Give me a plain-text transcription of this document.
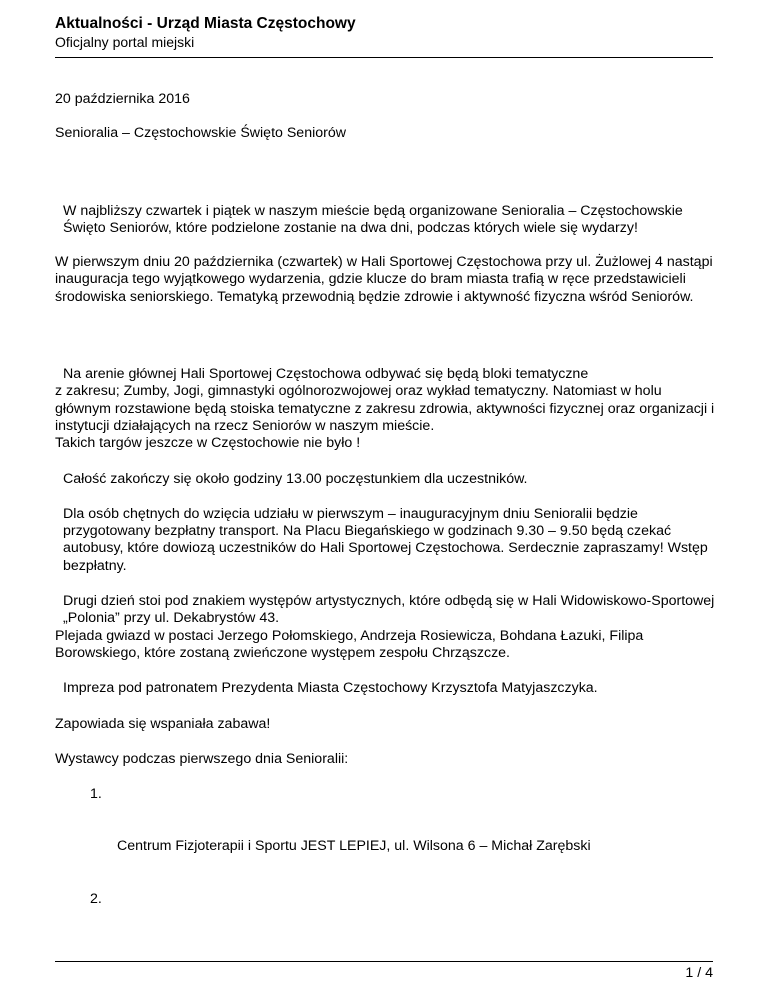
Aktualności - Urząd Miasta Częstochowy
Oficjalny portal miejski

20 października 2016

Senioralia – Częstochowskie Święto Seniorów

W najbliższy czwartek i piątek w naszym mieście będą organizowane Senioralia – Częstochowskie Święto Seniorów, które podzielone zostanie na dwa dni, podczas których wiele się wydarzy!

W pierwszym dniu 20 października (czwartek) w Hali Sportowej Częstochowa przy ul. Żużlowej 4 nastąpi inauguracja tego wyjątkowego wydarzenia, gdzie klucze do bram miasta trafią w ręce przedstawicieli środowiska seniorskiego. Tematyką przewodnią będzie zdrowie i aktywność fizyczna wśród Seniorów.

Na arenie głównej Hali Sportowej Częstochowa odbywać się będą bloki tematyczne

z zakresu; Zumby, Jogi, gimnastyki ogólnorozwojowej oraz wykład tematyczny. Natomiast w holu głównym rozstawione będą stoiska tematyczne z zakresu zdrowia, aktywności fizycznej oraz organizacji i instytucji działających na rzecz Seniorów w naszym mieście.

Takich targów jeszcze w Częstochowie nie było !

Całość zakończy się około godziny 13.00 poczęstunkiem dla uczestników.

Dla osób chętnych do wzięcia udziału w pierwszym – inauguracyjnym dniu Senioralii będzie przygotowany bezpłatny transport. Na Placu Biegańskiego w godzinach 9.30 – 9.50 będą czekać autobusy, które dowiozą uczestników do Hali Sportowej Częstochowa. Serdecznie zapraszamy! Wstęp bezpłatny.

Drugi dzień stoi pod znakiem występów artystycznych, które odbędą się w Hali Widowiskowo-Sportowej „Polonia” przy ul. Dekabrystów 43.

Plejada gwiazd w postaci Jerzego Połomskiego, Andrzeja Rosiewicza, Bohdana Łazuki, Filipa Borowskiego, które zostaną zwieńczone występem zespołu Chrząszcze.

Impreza pod patronatem Prezydenta Miasta Częstochowy Krzysztofa Matyjaszczyka.

Zapowiada się wspaniała zabawa!

Wystawcy podczas pierwszego dnia Senioralii:

1.

Centrum Fizjoterapii i Sportu JEST LEPIEJ, ul. Wilsona 6 – Michał Zarębski

2.

1 / 4
